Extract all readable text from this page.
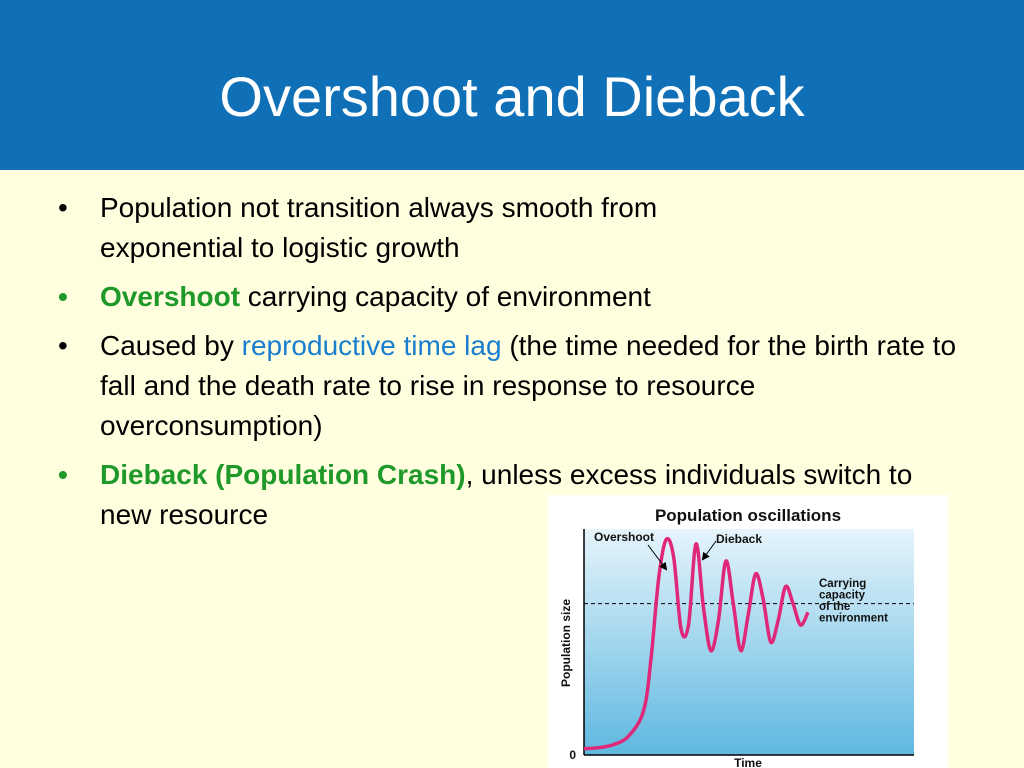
Overshoot and Dieback
• Population not transition always smooth from exponential to logistic growth
• Overshoot carrying capacity of environment
• Caused by reproductive time lag (the time needed for the birth rate to fall and the death rate to rise in response to resource overconsumption)
• Dieback (Population Crash), unless excess individuals switch to new resource	Population oscillations
Population size
0
Time
Overshoot	Dieback
Carrying capacity of the environment
